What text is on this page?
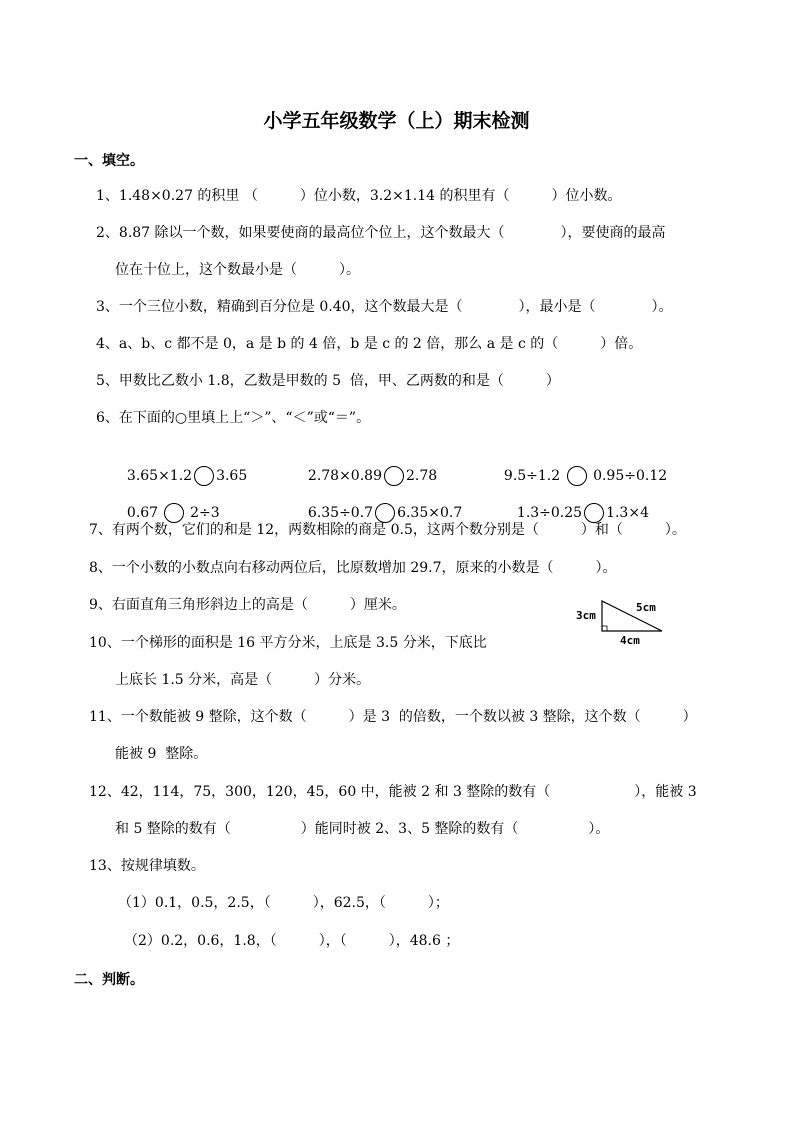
小学五年级数学（上）期末检测
一、填空。
1、1.48×0.27 的积里 （　　　）位小数，3.2×1.14 的积里有（　　　）位小数。
2、8.87 除以一个数，如果要使商的最高位个位上，这个数最大（　　　　），要使商的最高
位在十位上，这个数最小是（　　　）。
3、一个三位小数，精确到百分位是 0.40，这个数最大是（　　　　），最小是（　　　　）。
4、a、b、c 都不是 0，a 是 b 的 4 倍，b 是 c 的 2 倍，那么 a 是 c 的（　　　）倍。
5、甲数比乙数小 1.8，乙数是甲数的 5  倍，甲、乙两数的和是（　　　）
6、在下面的○里填上上“＞”、“＜”或“＝”。

3.65×1.2 3.65	2.78×0.89 2.78	9.5÷1.2 0.95÷0.12

0.67 2÷3	6.35÷0.7 6.35×0.7	1.3÷0.25 1.3×4

7、有两个数，它们的和是 12，两数相除的商是 0.5，这两个数分别是（　　　）和（　　　）。
8、一个小数的小数点向右移动两位后，比原数增加 29.7，原来的小数是（　　　）。
9、右面直角三角形斜边上的高是（　　　）厘米。
3cm
5cm
4cm
10、一个梯形的面积是 16 平方分米，上底是 3.5 分米，下底比
上底长 1.5 分米，高是（　　　）分米。
11、一个数能被 9 整除，这个数（　　　）是 3  的倍数，一个数以被 3 整除，这个数（　　　）
能被 9  整除。
12、42，114，75，300，120，45，60 中，能被 2 和 3 整除的数有（　　　　　　），能被 3
和 5 整除的数有（　　　　　）能同时被 2、3、5 整除的数有（　　　　　）。
13、按规律填数。
（1）0.1，0.5，2.5，（　　　），62.5，（　　　）；
（2）0.2，0.6，1.8，（　　　），（　　　），48.6 ；
二、判断。
